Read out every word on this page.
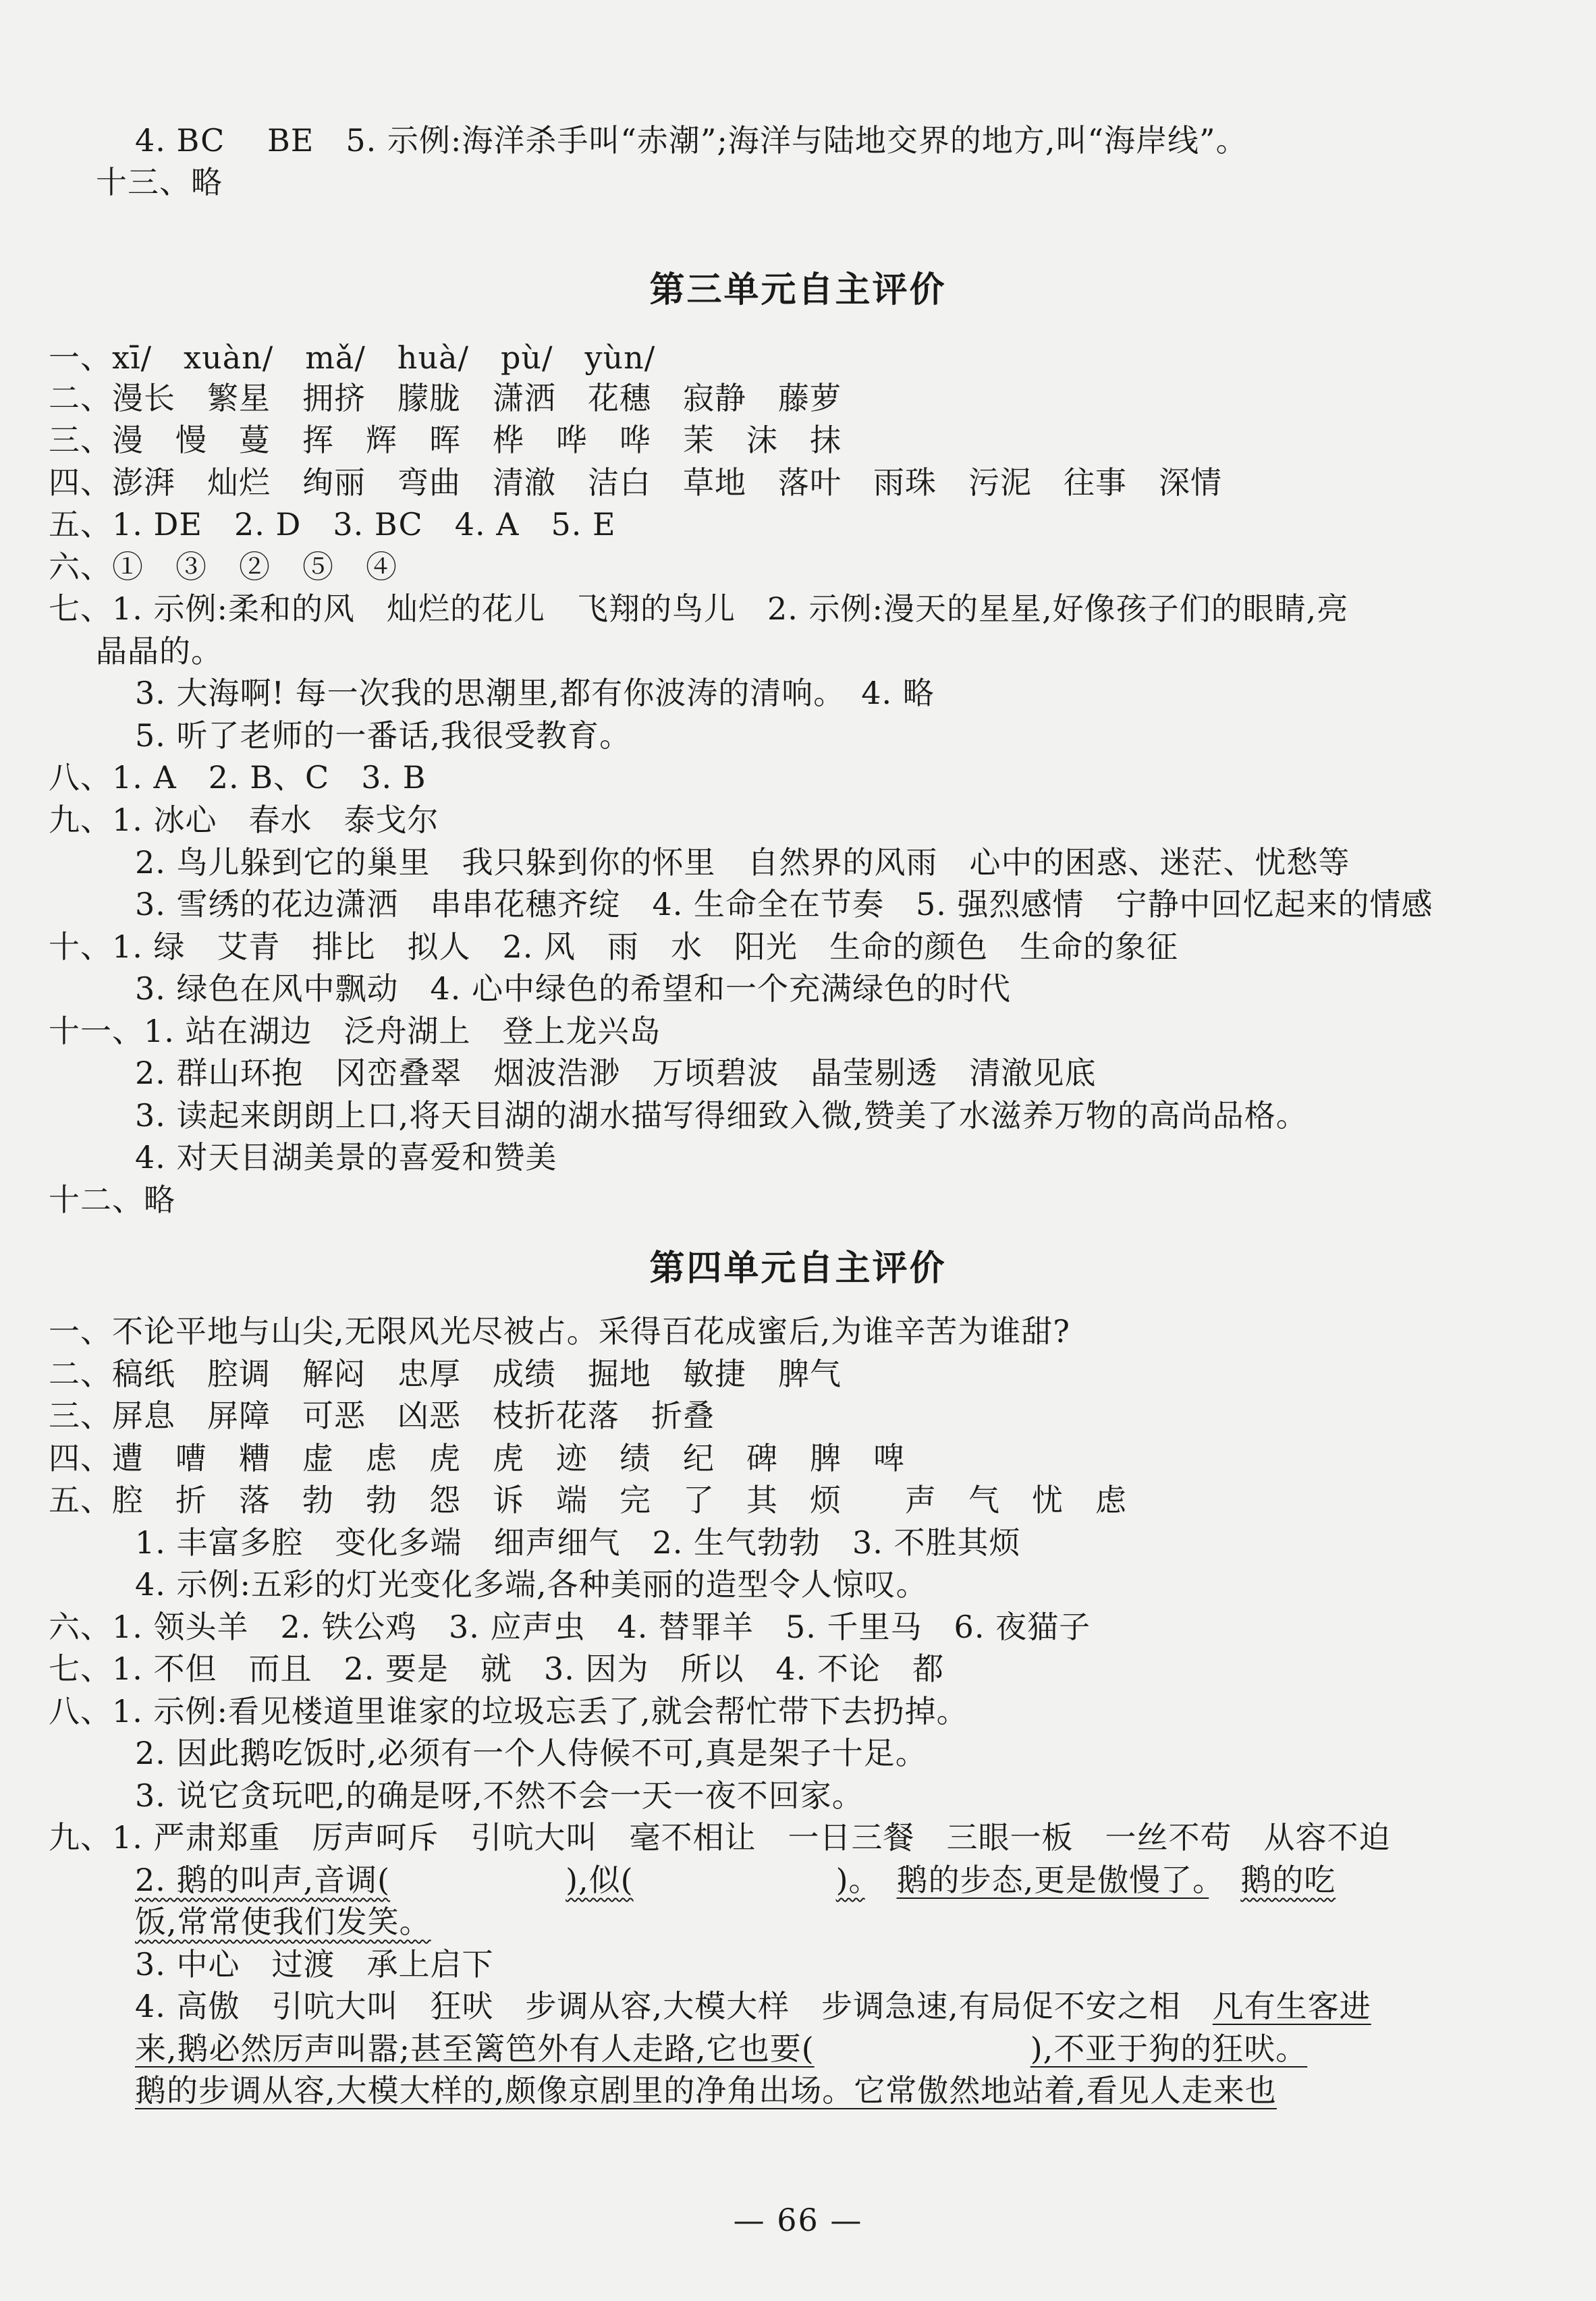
4. BC　 BE　5. 示例:海洋杀手叫“赤潮”;海洋与陆地交界的地方,叫“海岸线”。
十三、略
第三单元自主评价
一、xī/　xuàn/　mǎ/　huà/　pù/　yùn/
二、漫长　繁星　拥挤　朦胧　潇洒　花穗　寂静　藤萝
三、漫　慢　蔓　挥　辉　晖　桦　哗　哗　茉　沫　抹
四、澎湃　灿烂　绚丽　弯曲　清澈　洁白　草地　落叶　雨珠　污泥　往事　深情
五、1. DE　2. D　3. BC　4. A　5. E
六、①　③　②　⑤　④
七、1. 示例:柔和的风　灿烂的花儿　飞翔的鸟儿　2. 示例:漫天的星星,好像孩子们的眼睛,亮
晶晶的。
3. 大海啊! 每一次我的思潮里,都有你波涛的清响。　4. 略
5. 听了老师的一番话,我很受教育。
八、1. A　2. B、C　3. B
九、1. 冰心　春水　泰戈尔
2. 鸟儿躲到它的巢里　我只躲到你的怀里　自然界的风雨　心中的困惑、迷茫、忧愁等
3. 雪绣的花边潇洒　串串花穗齐绽　4. 生命全在节奏　5. 强烈感情　宁静中回忆起来的情感
十、1. 绿　艾青　排比　拟人　2. 风　雨　水　阳光　生命的颜色　生命的象征
3. 绿色在风中飘动　4. 心中绿色的希望和一个充满绿色的时代
十一、1. 站在湖边　泛舟湖上　登上龙兴岛
2. 群山环抱　冈峦叠翠　烟波浩渺　万顷碧波　晶莹剔透　清澈见底
3. 读起来朗朗上口,将天目湖的湖水描写得细致入微,赞美了水滋养万物的高尚品格。
4. 对天目湖美景的喜爱和赞美
十二、略
第四单元自主评价
一、不论平地与山尖,无限风光尽被占。采得百花成蜜后,为谁辛苦为谁甜?
二、稿纸　腔调　解闷　忠厚　成绩　掘地　敏捷　脾气
三、屏息　屏障　可恶　凶恶　枝折花落　折叠
四、遭　嘈　糟　虚　虑　虎　虎　迹　绩　纪　碑　脾　啤
五、腔　折　落　勃　勃　怨　诉　端　完　了　其　烦　　声　气　忧　虑
1. 丰富多腔　变化多端　细声细气　2. 生气勃勃　3. 不胜其烦
4. 示例:五彩的灯光变化多端,各种美丽的造型令人惊叹。
六、1. 领头羊　2. 铁公鸡　3. 应声虫　4. 替罪羊　5. 千里马　6. 夜猫子
七、1. 不但　而且　2. 要是　就　3. 因为　所以　4. 不论　都
八、1. 示例:看见楼道里谁家的垃圾忘丢了,就会帮忙带下去扔掉。
2. 因此鹅吃饭时,必须有一个人侍候不可,真是架子十足。
3. 说它贪玩吧,的确是呀,不然不会一天一夜不回家。
九、1. 严肃郑重　厉声呵斥　引吭大叫　毫不相让　一日三餐　三眼一板　一丝不苟　从容不迫
2. 鹅的叫声,音调(	),似(	)。　 鹅的步态,更是傲慢了。　 鹅的吃
饭,常常使我们发笑。
3. 中心　过渡　承上启下
4. 高傲　引吭大叫　狂吠　步调从容,大模大样　步调急速,有局促不安之相　凡有生客进
来,鹅必然厉声叫嚣;甚至篱笆外有人走路,它也要(	),不亚于狗的狂吠。
鹅的步调从容,大模大样的,颇像京剧里的净角出场。它常傲然地站着,看见人走来也
— 66 —
